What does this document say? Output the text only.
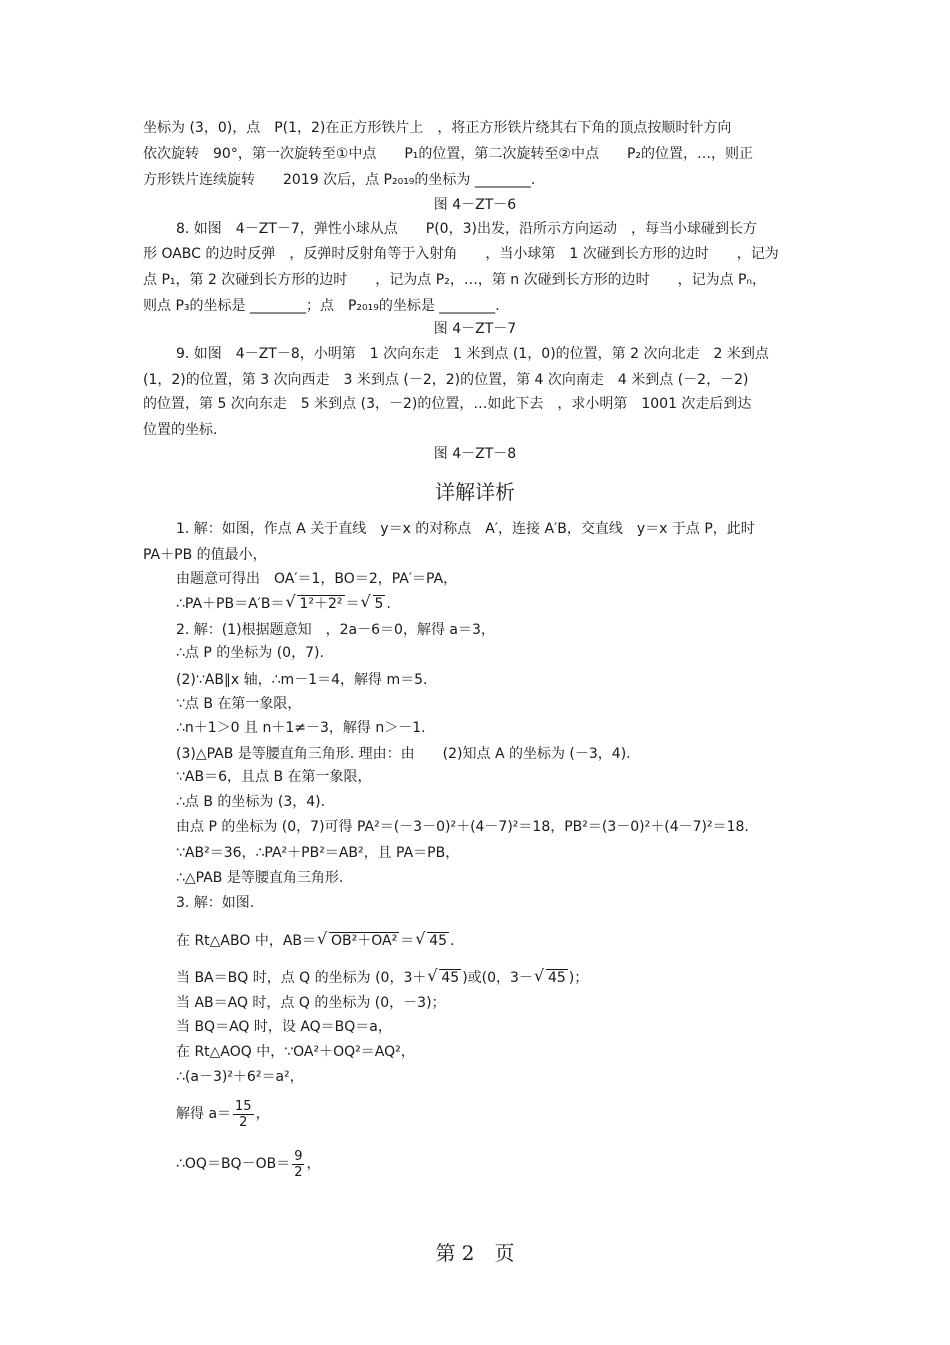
坐标为 (3，0)，点　P(1，2)在正方形铁片上　，将正方形铁片绕其右下角的顶点按顺时针方向
依次旋转　90°，第一次旋转至①中点　　P₁的位置，第二次旋转至②中点　　P₂的位置，…，则正
方形铁片连续旋转　　2019 次后，点 P₂₀₁₉的坐标为 ________.
图 4－ZT－6
8. 如图　4－ZT－7，弹性小球从点　　P(0，3)出发，沿所示方向运动　，每当小球碰到长方
形 OABC 的边时反弹　，反弹时反射角等于入射角　　，当小球第　1 次碰到长方形的边时　　，记为
点 P₁，第 2 次碰到长方形的边时　　，记为点 P₂，…，第 n 次碰到长方形的边时　　，记为点 Pₙ，
则点 P₃的坐标是 ________；点　P₂₀₁₉的坐标是 ________.
图 4－ZT－7
9. 如图　4－ZT－8，小明第　1 次向东走　1 米到点 (1，0)的位置，第 2 次向北走　2 米到点
(1，2)的位置，第 3 次向西走　3 米到点 (－2，2)的位置，第 4 次向南走　4 米到点 (－2，－2)
的位置，第 5 次向东走　5 米到点 (3，－2)的位置，…如此下去　，求小明第　1001 次走后到达
位置的坐标.
图 4－ZT－8
详解详析
1. 解：如图，作点 A 关于直线　y＝x 的对称点　A′，连接 A′B，交直线　y＝x 于点 P，此时
PA＋PB 的值最小，
由题意可得出　OA′＝1，BO＝2，PA′＝PA，
∴PA＋PB＝A′B＝ √ 1²＋2² ＝ √ 5 .
2. 解：(1)根据题意知　，2a－6＝0，解得 a＝3，
∴点 P 的坐标为 (0，7).
(2)∵AB∥x 轴，∴m－1＝4，解得 m＝5.
∵点 B 在第一象限，
∴n＋1＞0 且 n＋1≠－3，解得 n＞－1.
(3)△PAB 是等腰直角三角形. 理由：由　　(2)知点 A 的坐标为 (－3，4).
∵AB＝6，且点 B 在第一象限，
∴点 B 的坐标为 (3，4).
由点 P 的坐标为 (0，7)可得 PA²＝(－3－0)²＋(4－7)²＝18，PB²＝(3－0)²＋(4－7)²＝18.
∵AB²＝36，∴PA²＋PB²＝AB²，且 PA＝PB，
∴△PAB 是等腰直角三角形.
3. 解：如图.
在 Rt△ABO 中，AB＝ √ OB²＋OA² ＝ √ 45 .
当 BA＝BQ 时，点 Q 的坐标为 (0，3＋ √ 45 )或(0，3－ √ 45 )；
当 AB＝AQ 时，点 Q 的坐标为 (0，－3)；
当 BQ＝AQ 时，设 AQ＝BQ＝a，
在 Rt△AOQ 中，∵OA²＋OQ²＝AQ²，
∴(a－3)²＋6²＝a²，
解得 $a= \frac{15}{2}$ ，
∴OQ＝BQ－OB＝ $\frac{9}{2}$ ，
第 2　页
